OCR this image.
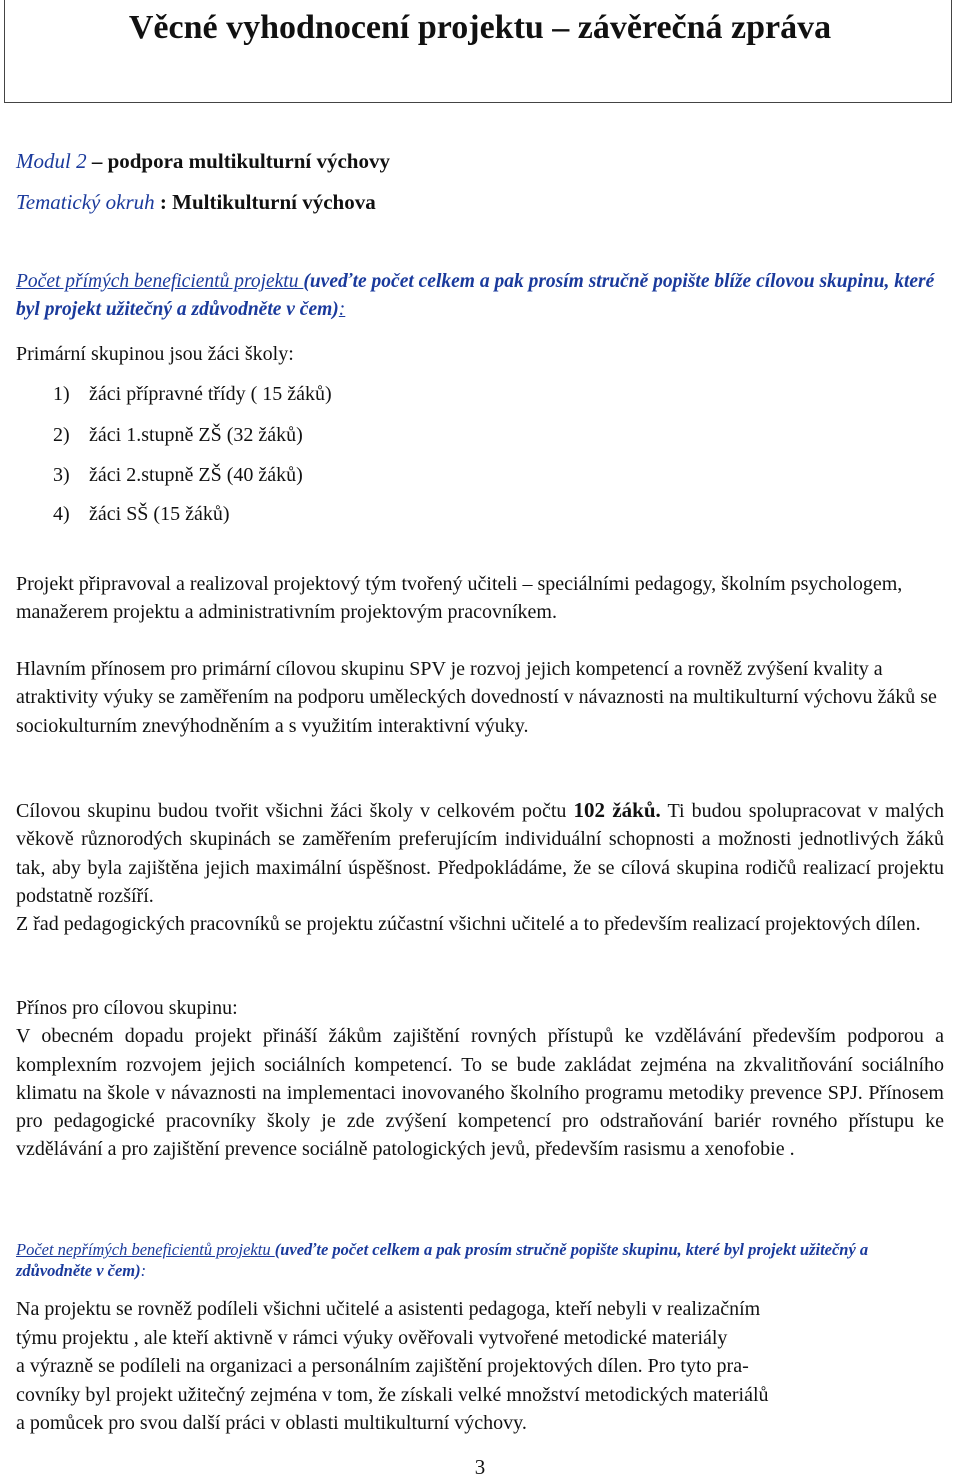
Věcné vyhodnocení projektu – závěrečná zpráva
Modul 2 – podpora multikulturní výchovy
Tematický okruh : Multikulturní výchova
Počet přímých beneficientů projektu (uveďte počet celkem a pak prosím stručně popište blíže cílovou skupinu, které byl projekt užitečný a zdůvodněte v čem):
Primární skupinou jsou žáci školy:
1) žáci přípravné třídy ( 15 žáků)
2) žáci 1.stupně ZŠ (32 žáků)
3) žáci 2.stupně ZŠ (40 žáků)
4) žáci SŠ (15 žáků)
Projekt připravoval a realizoval projektový tým tvořený učiteli – speciálními pedagogy, školním psychologem, manažerem projektu a administrativním projektovým pracovníkem.
Hlavním přínosem pro primární cílovou skupinu SPV je rozvoj jejich kompetencí a rovněž zvýšení kvality a atraktivity výuky se zaměřením na podporu uměleckých dovedností v návaznosti na multikulturní výchovu žáků se sociokulturním znevýhodněním a s využitím interaktivní výuky.
Cílovou skupinu budou tvořit všichni žáci školy v celkovém počtu 102 žáků. Ti budou spolupracovat v malých věkově různorodých skupinách se zaměřením preferujícím individuální schopnosti a možnosti jednotlivých žáků tak, aby byla zajištěna jejich maximální úspěšnost. Předpokládáme, že se cílová skupina rodičů realizací projektu podstatně rozšíří.
Z řad pedagogických pracovníků se projektu zúčastní všichni učitelé a to především realizací projektových dílen.
Přínos pro cílovou skupinu:
V obecném dopadu projekt přináší žákům zajištění rovných přístupů ke vzdělávání především podporou a komplexním rozvojem jejich sociálních kompetencí. To se bude zakládat zejména na zkvalitňování sociálního klimatu na škole v návaznosti na implementaci inovovaného školního programu metodiky prevence SPJ. Přínosem pro pedagogické pracovníky školy je zde zvýšení kompetencí pro odstraňování bariér rovného přístupu ke vzdělávání a pro zajištění prevence sociálně patologických jevů, především rasismu a xenofobie .
Počet nepřímých beneficientů projektu (uveďte počet celkem a pak prosím stručně popište skupinu, které byl projekt užitečný a zdůvodněte v čem):
Na projektu se rovněž podíleli všichni učitelé a asistenti pedagoga, kteří nebyli v realizačním
týmu projektu , ale kteří aktivně v rámci výuky ověřovali vytvořené metodické materiály
a výrazně se podíleli na organizaci a personálním zajištění projektových dílen. Pro tyto pra-
covníky byl projekt užitečný zejména v tom, že získali velké množství metodických materiálů
a pomůcek pro svou další práci v oblasti multikulturní výchovy.
3
